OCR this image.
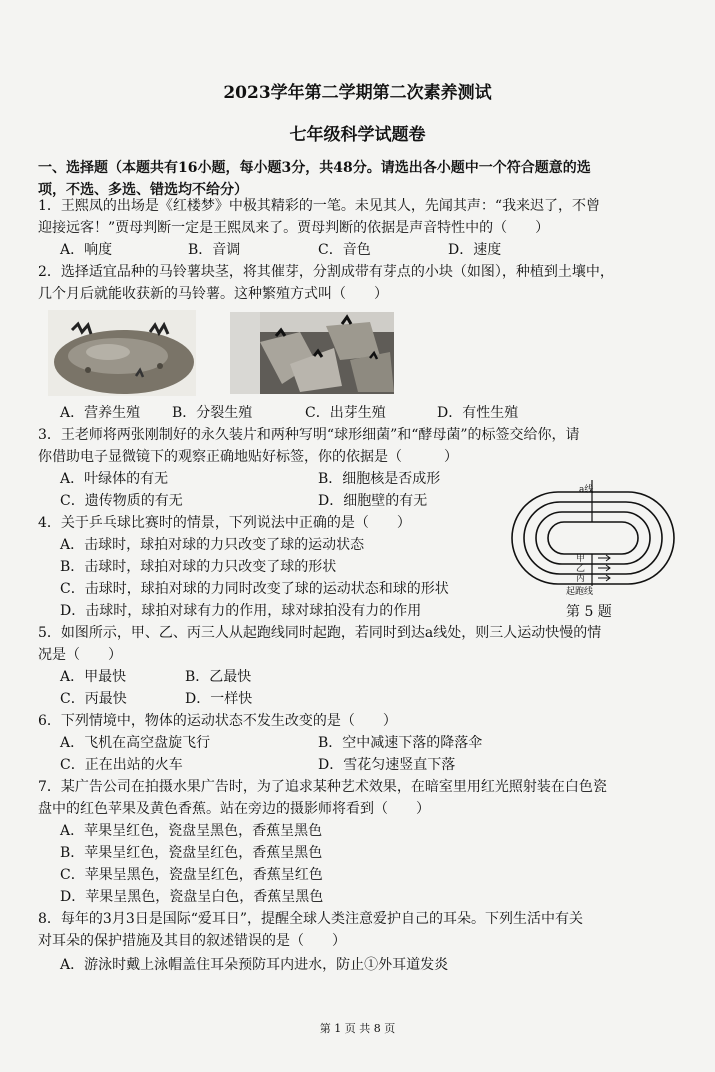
2023学年第二学期第二次素养测试
七年级科学试题卷
一、选择题（本题共有16小题，每小题3分，共48分。请选出各小题中一个符合题意的选
项，不选、多选、错选均不给分）
1．王熙凤的出场是《红楼梦》中极其精彩的一笔。未见其人，先闻其声：“我来迟了，不曾
迎接远客！”贾母判断一定是王熙凤来了。贾母判断的依据是声音特性中的（　　）
A．响度	B．音调	C．音色	D．速度
2．选择适宜品种的马铃薯块茎，将其催芽，分割成带有芽点的小块（如图），种植到土壤中，
几个月后就能收获新的马铃薯。这种繁殖方式叫（　　）
A．营养生殖 B．分裂生殖	C．出芽生殖	D．有性生殖
3．王老师将两张刚制好的永久装片和两种写明“球形细菌”和“酵母菌”的标签交给你，请
你借助电子显微镜下的观察正确地贴好标签，你的依据是（　　　）
A．叶绿体的有无	B．细胞核是否成形
C．遗传物质的有无	D．细胞壁的有无
4．关于乒乓球比赛时的情景，下列说法中正确的是（　　）
A．击球时，球拍对球的力只改变了球的运动状态
B．击球时，球拍对球的力只改变了球的形状
C．击球时，球拍对球的力同时改变了球的运动状态和球的形状
D．击球时，球拍对球有力的作用，球对球拍没有力的作用
a线
甲
乙
丙
起跑线
第 5 题
5．如图所示，甲、乙、丙三人从起跑线同时起跑，若同时到达a线处，则三人运动快慢的情
况是（　　）
A．甲最快	B．乙最快
C．丙最快	D．一样快
6．下列情境中，物体的运动状态不发生改变的是（　　）
A．飞机在高空盘旋飞行	B．空中减速下落的降落伞
C．正在出站的火车	D．雪花匀速竖直下落
7．某广告公司在拍摄水果广告时，为了追求某种艺术效果，在暗室里用红光照射装在白色瓷
盘中的红色苹果及黄色香蕉。站在旁边的摄影师将看到（　　）
A．苹果呈红色，瓷盘呈黑色，香蕉呈黑色
B．苹果呈红色，瓷盘呈红色，香蕉呈黑色
C．苹果呈黑色，瓷盘呈红色，香蕉呈红色
D．苹果呈黑色，瓷盘呈白色，香蕉呈黑色
8．每年的3月3日是国际“爱耳日”，提醒全球人类注意爱护自己的耳朵。下列生活中有关
对耳朵的保护措施及其目的叙述错误的是（　　）
A．游泳时戴上泳帽盖住耳朵预防耳内进水，防止①外耳道发炎
第 1 页 共 8 页
